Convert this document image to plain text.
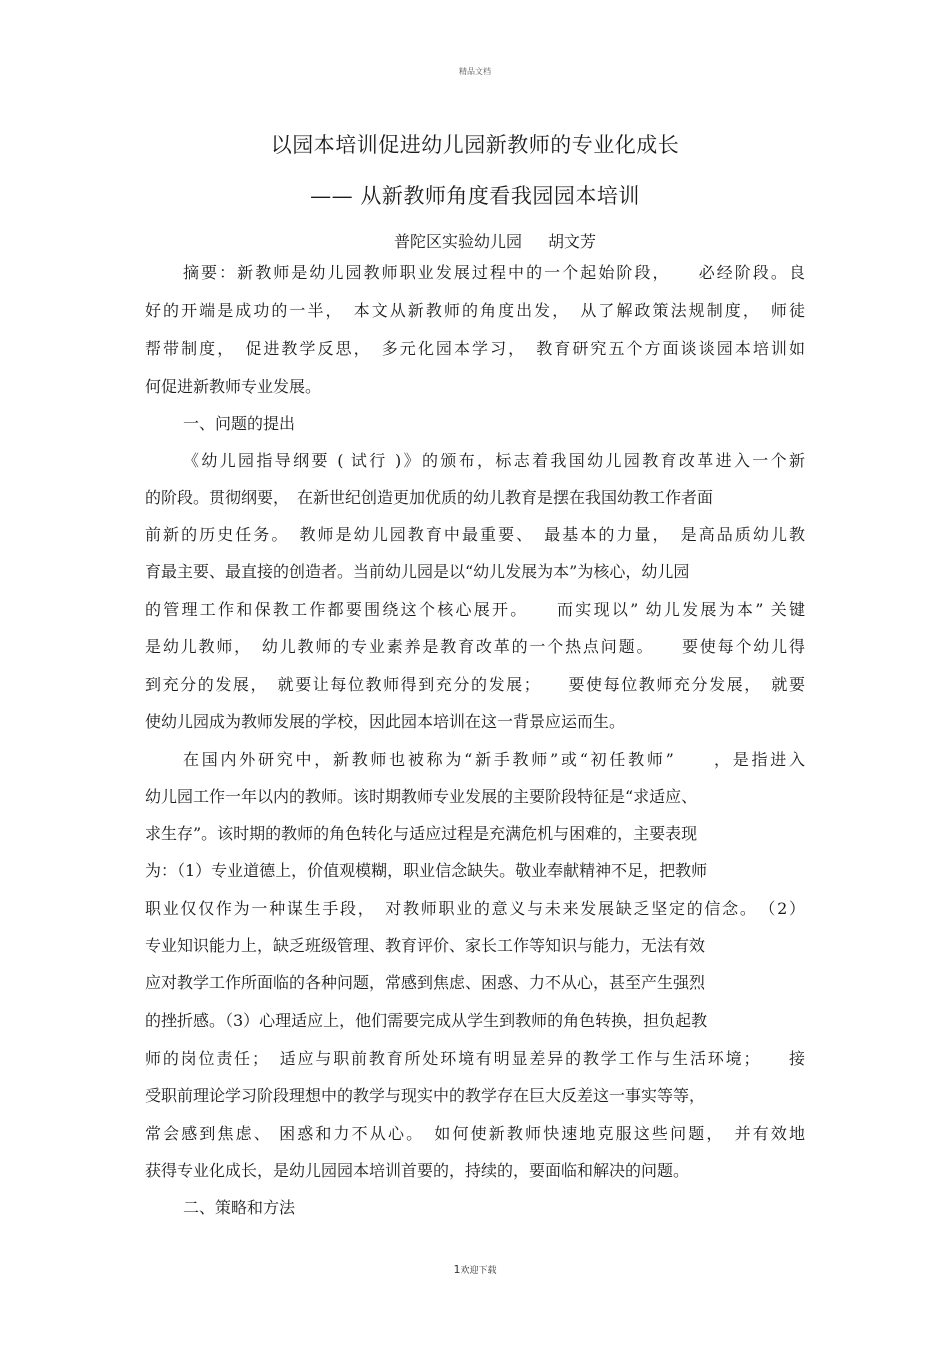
精品文档
以园本培训促进幼儿园新教师的专业化成长
—— 从新教师角度看我园园本培训
普陀区实验幼儿园 胡文芳
摘要：新教师是幼儿园教师职业发展过程中的一个起始阶段，　　必经阶段。良
好的开端是成功的一半，　本文从新教师的角度出发，　从了解政策法规制度，　师徒
帮带制度，　促进教学反思，　多元化园本学习，　教育研究五个方面谈谈园本培训如
何促进新教师专业发展。
一、问题的提出
《幼儿园指导纲要 ( 试行 )》的颁布，标志着我国幼儿园教育改革进入一个新
的阶段。贯彻纲要，　在新世纪创造更加优质的幼儿教育是摆在我国幼教工作者面
前新的历史任务。　教师是幼儿园教育中最重要、　最基本的力量，　是高品质幼儿教
育最主要、最直接的创造者。当前幼儿园是以“幼儿发展为本”为核心，幼儿园
的管理工作和保教工作都要围绕这个核心展开。　　而实现以” 幼儿发展为本” 关键
是幼儿教师，　幼儿教师的专业素养是教育改革的一个热点问题。　　要使每个幼儿得
到充分的发展，　就要让每位教师得到充分的发展；　　要使每位教师充分发展，　就要
使幼儿园成为教师发展的学校，因此园本培训在这一背景应运而生。
在国内外研究中，新教师也被称为“新手教师”或“初任教师”　　，是指进入
幼儿园工作一年以内的教师。该时期教师专业发展的主要阶段特征是“求适应、
求生存”。该时期的教师的角色转化与适应过程是充满危机与困难的，主要表现
为：（1）专业道德上，价值观模糊，职业信念缺失。敬业奉献精神不足，把教师
职业仅仅作为一种谋生手段，　对教师职业的意义与未来发展缺乏坚定的信念。　（2）
专业知识能力上，缺乏班级管理、教育评价、家长工作等知识与能力，无法有效
应对教学工作所面临的各种问题，常感到焦虑、困惑、力不从心，甚至产生强烈
的挫折感。（3）心理适应上，他们需要完成从学生到教师的角色转换，担负起教
师的岗位责任；　适应与职前教育所处环境有明显差异的教学工作与生活环境；　　接
受职前理论学习阶段理想中的教学与现实中的教学存在巨大反差这一事实等等，
常会感到焦虑、 困惑和力不从心。　如何使新教师快速地克服这些问题，　并有效地
获得专业化成长，是幼儿园园本培训首要的，持续的，要面临和解决的问题。
二、策略和方法
1欢迎下载
